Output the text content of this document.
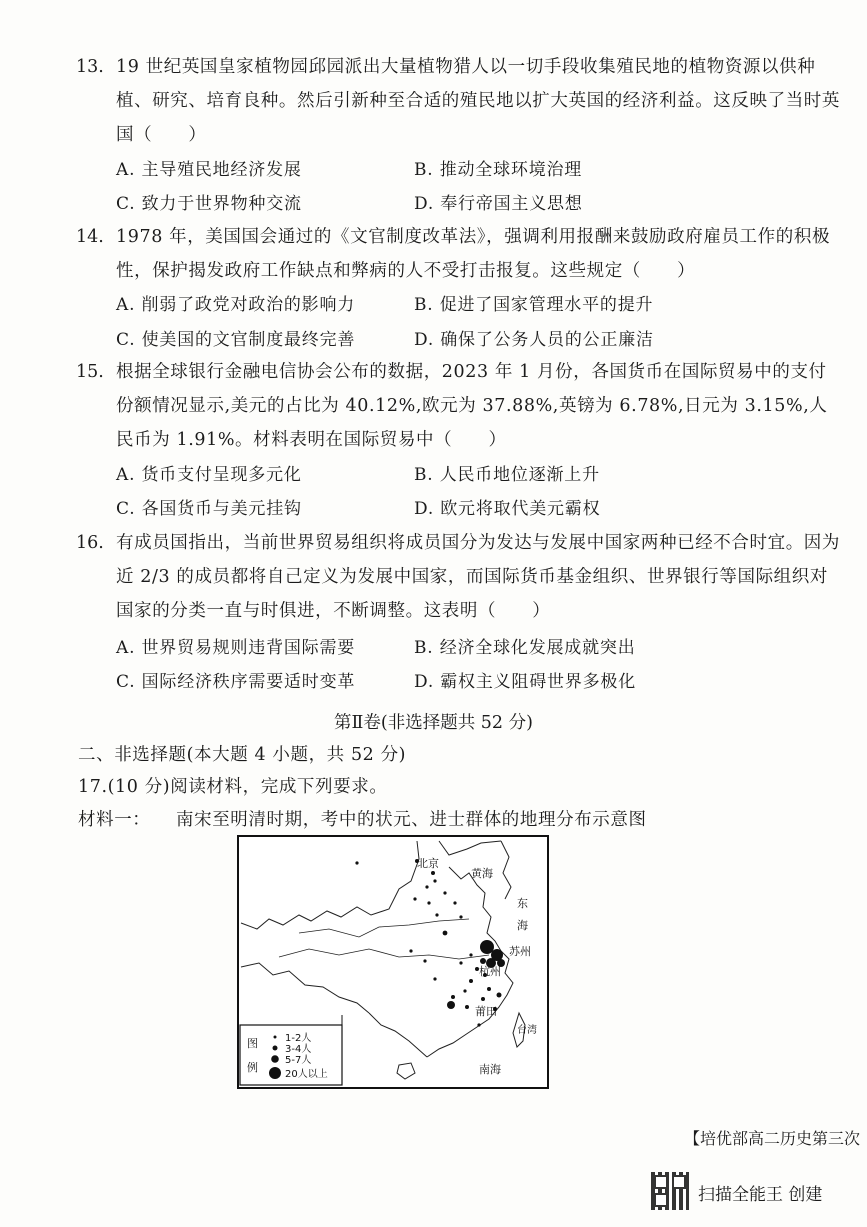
13. 19 世纪英国皇家植物园邱园派出大量植物猎人以一切手段收集殖民地的植物资源以供种植、研究、培育良种。然后引新种至合适的殖民地以扩大英国的经济利益。这反映了当时英国（　　）
A. 主导殖民地经济发展	B. 推动全球环境治理
C. 致力于世界物种交流	D. 奉行帝国主义思想
14. 1978 年，美国国会通过的《文官制度改革法》，强调利用报酬来鼓励政府雇员工作的积极性，保护揭发政府工作缺点和弊病的人不受打击报复。这些规定（　　）
A. 削弱了政党对政治的影响力	B. 促进了国家管理水平的提升
C. 使美国的文官制度最终完善	D. 确保了公务人员的公正廉洁
15. 根据全球银行金融电信协会公布的数据，2023 年 1 月份，各国货币在国际贸易中的支付份额情况显示,美元的占比为 40.12%,欧元为 37.88%,英镑为 6.78%,日元为 3.15%,人民币为 1.91%。材料表明在国际贸易中（　　）
A. 货币支付呈现多元化	B. 人民币地位逐渐上升
C. 各国货币与美元挂钩	D. 欧元将取代美元霸权
16. 有成员国指出，当前世界贸易组织将成员国分为发达与发展中国家两种已经不合时宜。因为近 2/3 的成员都将自己定义为发展中国家，而国际货币基金组织、世界银行等国际组织对国家的分类一直与时俱进，不断调整。这表明（　　）
A. 世界贸易规则违背国际需要	B. 经济全球化发展成就突出
C. 国际经济秩序需要适时变革	D. 霸权主义阻碍世界多极化
第Ⅱ卷(非选择题共 52 分)
二、非选择题(本大题 4 小题，共 52 分)
17.(10 分)阅读材料，完成下列要求。
材料一： 南宋至明清时期，考中的状元、进士群体的地理分布示意图
北京
黄海
东
海
苏州
杭州
莆田
台湾
南海
图
例
1-2人
3-4人
5-7人
20人以上
【培优部高二历史第三次
扫描全能王 创建
